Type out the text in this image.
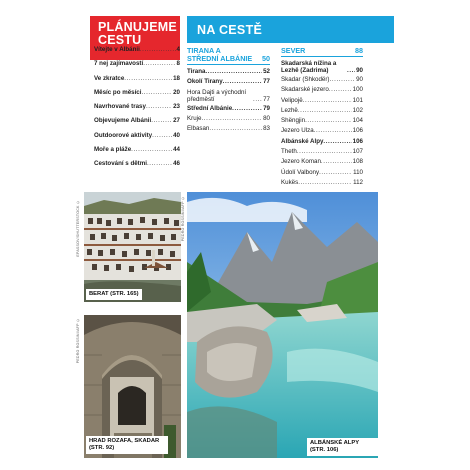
PLÁNUJEME CESTU
NA CESTĚ
Vítejte v Albánii .....	4
7 nej zajímavostí .....	8
Ve zkratce .....	18
Měsíc po měsíci .....	20
Navrhované trasy .....	23
Objevujeme Albánii .....	27
Outdoorové aktivity .....	40
Moře a pláže .....	44
Cestování s dětmi .....	46
TIRANA A STŘEDNÍ ALBÁNIE 50
Tirana .....	52
Okolí Tirany .....	77
Hora Dajti a východní předměstí .....	77
Střední Albánie .....	79
Kruje .....	80
Elbasan .....	83
SEVER	88
Skadarská nížina a Lezhë (Zadrima) .....	90
Skadar (Shkodër) .....	90
Skadarské jezero .....	100
Velipojë .....	101
Lezhë .....	102
Shëngjin .....	104
Jezero Ulza .....	106
Albánské Alpy .....	106
Theth .....	107
Jezero Koman .....	108
Údolí Valbony .....	110
Kukës .....	112
BERAT (STR. 165)
EPASSOV/SHUTTERSTOCK ©
HRAD ROZAFA, SKADAR (STR. 92)
PEDRO ROSSINI/AFP ©
ALBÁNSKÉ ALPY (STR. 106)
PEDRO ROSSINI/AFP ©
